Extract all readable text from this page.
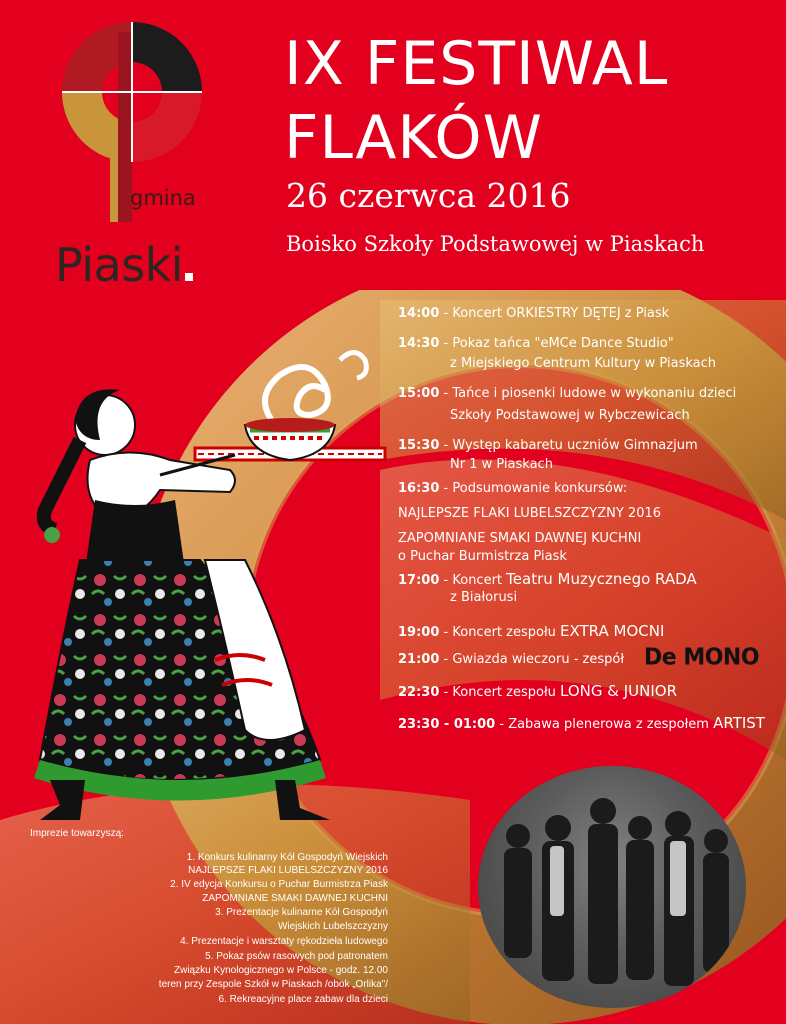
gmina
Piaski
IX FESTIWAL
FLAKÓW
26 czerwca 2016
Boisko Szkoły Podstawowej w Piaskach
14:00 - Koncert ORKIESTRY DĘTEJ z Piask
14:30 - Pokaz tańca "eMCe Dance Studio"
z Miejskiego Centrum Kultury w Piaskach
15:00 - Tańce i piosenki ludowe w wykonaniu dzieci
Szkoły Podstawowej w Rybczewicach
15:30 - Występ kabaretu uczniów Gimnazjum
Nr 1 w Piaskach
16:30 - Podsumowanie konkursów:
NAJLEPSZE FLAKI LUBELSZCZYZNY 2016
ZAPOMNIANE SMAKI DAWNEJ KUCHNI
o Puchar Burmistrza Piask
17:00 - Koncert Teatru Muzycznego RADA
z Białorusi
19:00 - Koncert zespołu EXTRA MOCNI
21:00 - Gwiazda wieczoru - zespół De MONO
22:30 - Koncert zespołu LONG & JUNIOR
23:30 - 01:00 - Zabawa plenerowa z zespołem ARTIST
Imprezie towarzyszą:
1. Konkurs kulinarny Kół Gospodyń Wiejskich
NAJLEPSZE FLAKI LUBELSZCZYZNY 2016
2. IV edycja Konkursu o Puchar Burmistrza Piask
ZAPOMNIANE SMAKI DAWNEJ KUCHNI
3. Prezentacje kulinarne Kół Gospodyń
Wiejskich Lubelszczyzny
4. Prezentacje i warsztaty rękodzieła ludowego
5. Pokaz psów rasowych pod patronatem
Związku Kynologicznego w Polsce - godz. 12.00
teren przy Zespole Szkół w Piaskach /obok „Orlika"/
6. Rekreacyjne place zabaw dla dzieci
